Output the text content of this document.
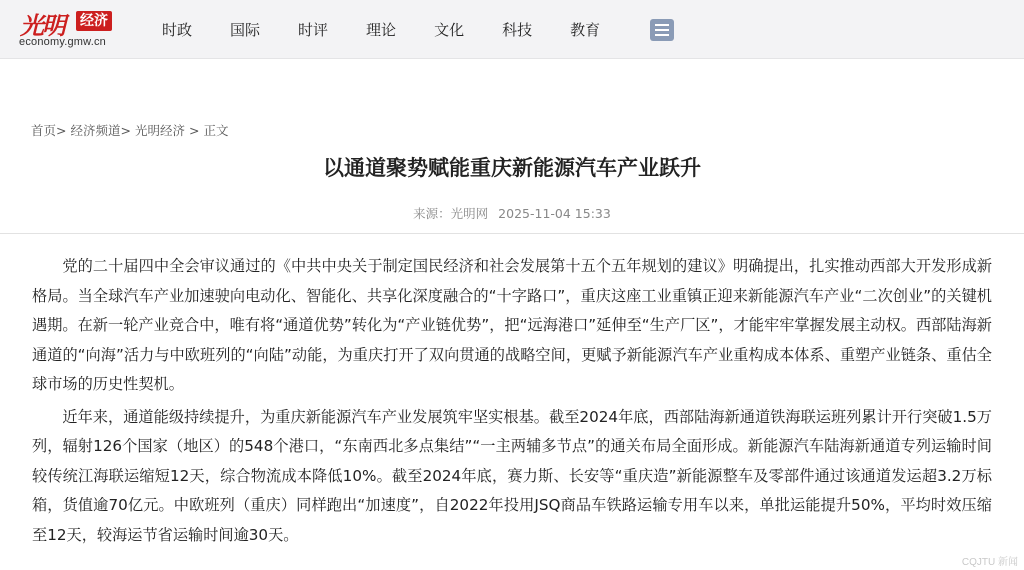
光明 经济
economy.gmw.cn
时政	国际	时评	理论	文化	科技	教育
首页> 经济频道> 光明经济 > 正文
以通道聚势赋能重庆新能源汽车产业跃升
来源：光明网 2025-11-04 15:33

党的二十届四中全会审议通过的《中共中央关于制定国民经济和社会发展第十五个五年规划的建议》明确提出，扎实推动西部大开发形成新格局。当全球汽车产业加速驶向电动化、智能化、共享化深度融合的“十字路口”，重庆这座工业重镇正迎来新能源汽车产业“二次创业”的关键机遇期。在新一轮产业竞合中，唯有将“通道优势”转化为“产业链优势”，把“远海港口”延伸至“生产厂区”，才能牢牢掌握发展主动权。西部陆海新通道的“向海”活力与中欧班列的“向陆”动能，为重庆打开了双向贯通的战略空间，更赋予新能源汽车产业重构成本体系、重塑产业链条、重估全球市场的历史性契机。

近年来，通道能级持续提升，为重庆新能源汽车产业发展筑牢坚实根基。截至2024年底，西部陆海新通道铁海联运班列累计开行突破1.5万列，辐射126个国家（地区）的548个港口，“东南西北多点集结”“一主两辅多节点”的通关布局全面形成。新能源汽车陆海新通道专列运输时间较传统江海联运缩短12天，综合物流成本降低10%。截至2024年底，赛力斯、长安等“重庆造”新能源整车及零部件通过该通道发运超3.2万标箱，货值逾70亿元。中欧班列（重庆）同样跑出“加速度”，自2022年投用JSQ商品车铁路运输专用车以来，单批运能提升50%，平均时效压缩至12天，较海运节省运输时间逾30天。

CQJTU 新闻
